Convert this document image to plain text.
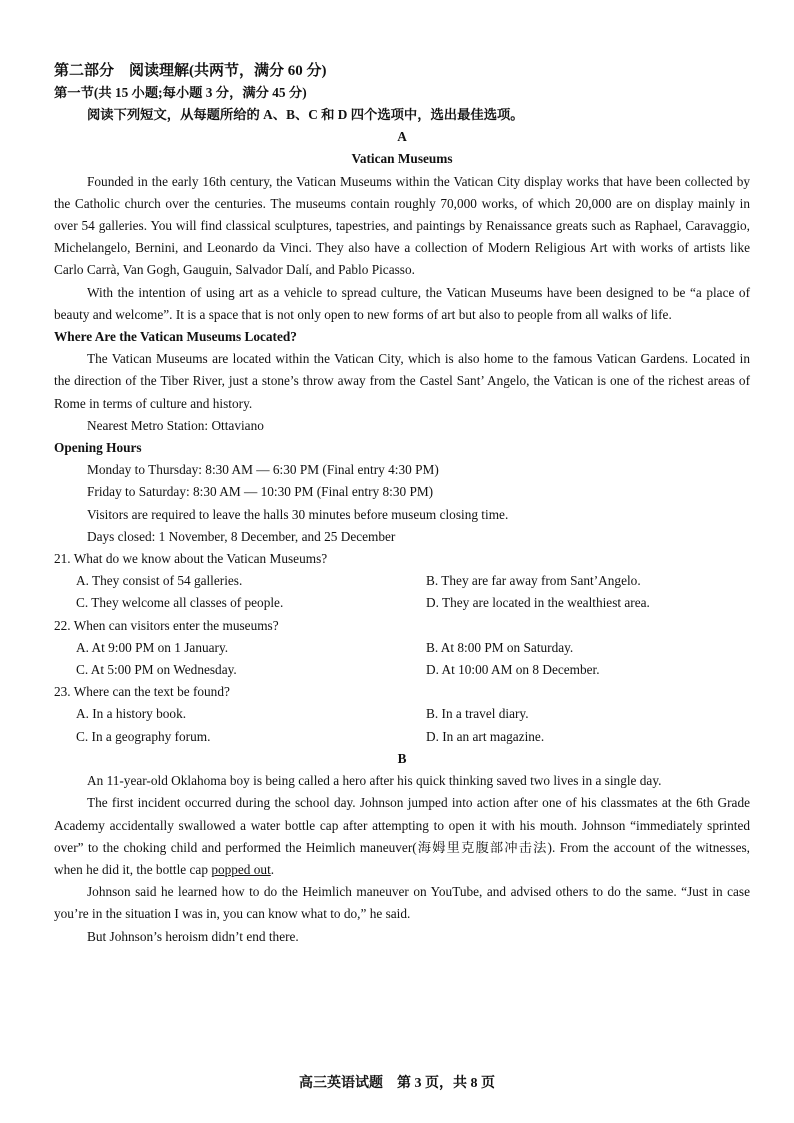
第二部分　阅读理解(共两节，满分 60 分)
第一节(共 15 小题;每小题 3 分，满分 45 分)
阅读下列短文，从每题所给的 A、B、C 和 D 四个选项中，选出最佳选项。
A
Vatican Museums

Founded in the early 16th century, the Vatican Museums within the Vatican City display works that have been collected by the Catholic church over the centuries. The museums contain roughly 70,000 works, of which 20,000 are on display mainly in over 54 galleries. You will find classical sculptures, tapestries, and paintings by Renaissance greats such as Raphael, Caravaggio, Michelangelo, Bernini, and Leonardo da Vinci. They also have a collection of Modern Religious Art with works of artists like Carlo Carrà, Van Gogh, Gauguin, Salvador Dalí, and Pablo Picasso.

With the intention of using art as a vehicle to spread culture, the Vatican Museums have been designed to be “a place of beauty and welcome”. It is a space that is not only open to new forms of art but also to people from all walks of life.

Where Are the Vatican Museums Located?

The Vatican Museums are located within the Vatican City, which is also home to the famous Vatican Gardens. Located in the direction of the Tiber River, just a stone’s throw away from the Castel Sant’ Angelo, the Vatican is one of the richest areas of Rome in terms of culture and history.

Nearest Metro Station: Ottaviano
Opening Hours
Monday to Thursday: 8:30 AM — 6:30 PM (Final entry 4:30 PM)
Friday to Saturday: 8:30 AM — 10:30 PM (Final entry 8:30 PM)
Visitors are required to leave the halls 30 minutes before museum closing time.
Days closed: 1 November, 8 December, and 25 December
21. What do we know about the Vatican Museums?
A. They consist of 54 galleries.	B. They are far away from Sant’Angelo.
C. They welcome all classes of people.	D. They are located in the wealthiest area.
22. When can visitors enter the museums?
A. At 9:00 PM on 1 January.	B. At 8:00 PM on Saturday.
C. At 5:00 PM on Wednesday.	D. At 10:00 AM on 8 December.
23. Where can the text be found?
A. In a history book.	B. In a travel diary.
C. In a geography forum.	D. In an art magazine.
B

An 11-year-old Oklahoma boy is being called a hero after his quick thinking saved two lives in a single day.

The first incident occurred during the school day. Johnson jumped into action after one of his classmates at the 6th Grade Academy accidentally swallowed a water bottle cap after attempting to open it with his mouth. Johnson “immediately sprinted over” to the choking child and performed the Heimlich maneuver(海姆里克腹部冲击法). From the account of the witnesses, when he did it, the bottle cap popped out.

Johnson said he learned how to do the Heimlich maneuver on YouTube, and advised others to do the same. “Just in case you’re in the situation I was in, you can know what to do,” he said.

But Johnson’s heroism didn’t end there.

高三英语试题　第 3 页，共 8 页
